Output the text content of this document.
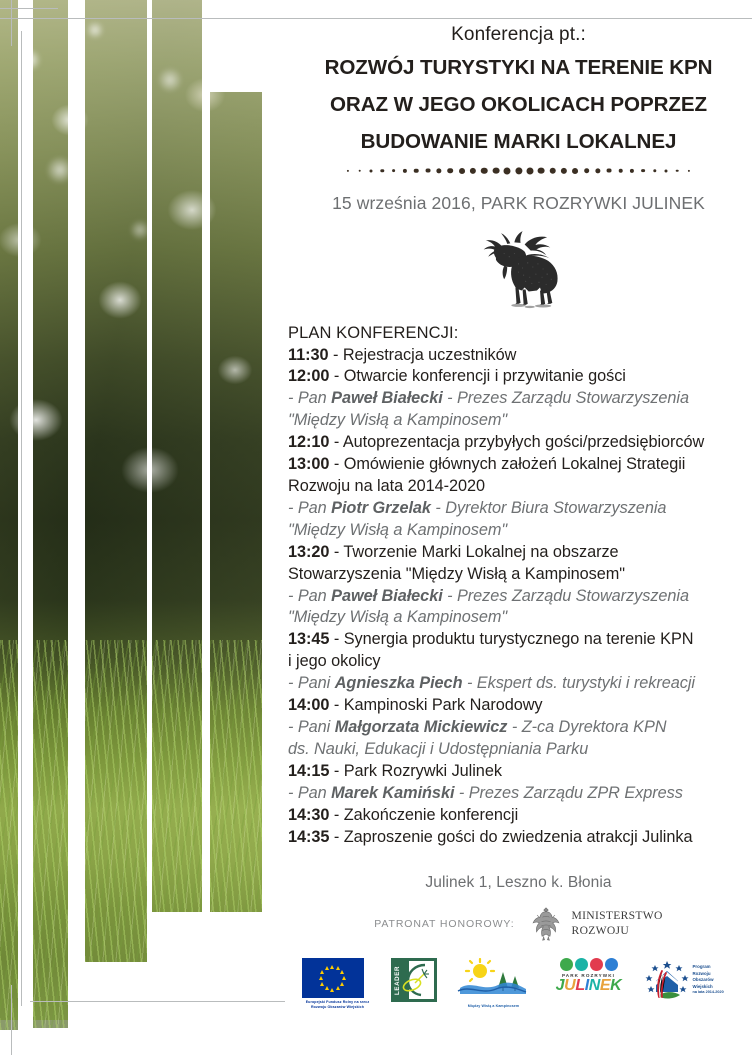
Konferencja pt.:

ROZWÓJ TURYSTYKI NA TERENIE KPN
ORAZ W JEGO OKOLICACH POPRZEZ
BUDOWANIE MARKI LOKALNEJ

15 września 2016, PARK ROZRYWKI JULINEK

PLAN KONFERENCJI:
11:30 - Rejestracja uczestników
12:00 - Otwarcie konferencji i przywitanie gości
- Pan Paweł Białecki - Prezes Zarządu Stowarzyszenia
"Między Wisłą a Kampinosem"
12:10 - Autoprezentacja przybyłych gości/przedsiębiorców
13:00 - Omówienie głównych założeń Lokalnej Strategii
Rozwoju na lata 2014-2020
- Pan Piotr Grzelak - Dyrektor Biura Stowarzyszenia
"Między Wisłą a Kampinosem"
13:20 - Tworzenie Marki Lokalnej na obszarze
Stowarzyszenia "Między Wisłą a Kampinosem"
- Pan Paweł Białecki - Prezes Zarządu Stowarzyszenia
"Między Wisłą a Kampinosem"
13:45 - Synergia produktu turystycznego na terenie KPN
i jego okolicy
- Pani Agnieszka Piech - Ekspert ds. turystyki i rekreacji
14:00 - Kampinoski Park Narodowy
- Pani Małgorzata Mickiewicz - Z-ca Dyrektora KPN
ds. Nauki, Edukacji i Udostępniania Parku
14:15 - Park Rozrywki Julinek
- Pan Marek Kamiński - Prezes Zarządu ZPR Express
14:30 - Zakończenie konferencji
14:35 - Zaproszenie gości do zwiedzenia atrakcji Julinka

Julinek 1, Leszno k. Błonia

PATRONAT HONOROWY:
MINISTERSTWO
ROZWOJU
Europejski Fundusz Rolny na rzecz Rozwoju Obszarów Wiejskich
LEADER
Między Wisłą a Kampinosem
PARK ROZRYWKI
JULINEK
Program
Rozwoju
Obszarów
Wiejskich
na lata 2014-2020
